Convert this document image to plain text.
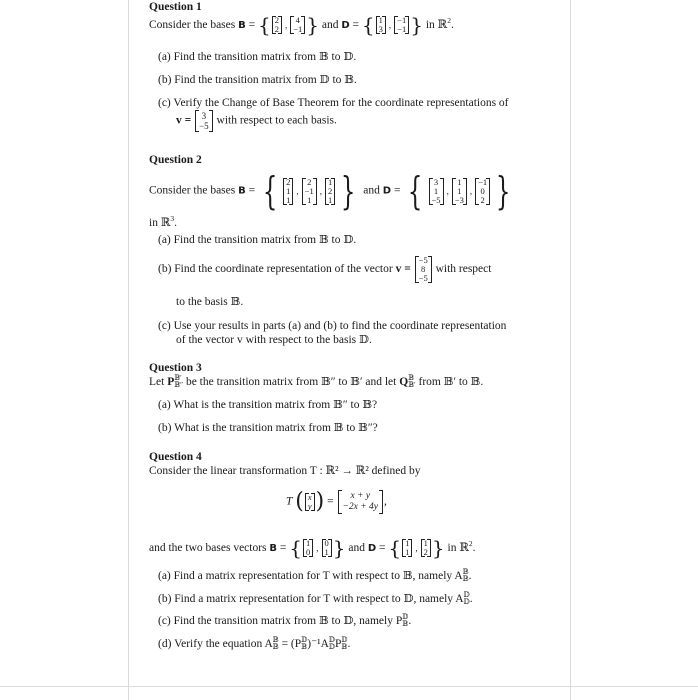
Question 1
Consider the bases B = { 2
2 , 4
−1 } and D = { 1
3 , −1
−1 } in ℝ$^2$.
(a) Find the transition matrix from 𝔹 to 𝔻.
(b) Find the transition matrix from 𝔻 to 𝔹.
(c) Verify the Change of Base Theorem for the coordinate representations of
v = 3
−5 with respect to each basis.
Question 2
Consider the bases B = { 2
1
1
,
2
−1
1
,
1
2
1 } and D = { 3
1
−5
,
1
1
−3
,
−1
0
2 }
in ℝ$^3$.
(a) Find the transition matrix from 𝔹 to 𝔻.
(b) Find the coordinate representation of the vector v =
−5
8
−5
with respect
to the basis 𝔹.
(c) Use your results in parts (a) and (b) to find the coordinate representation
of the vector v with respect to the basis 𝔻.
Question 3
Let P 𝔹′
𝔹″ be the transition matrix from 𝔹″ to 𝔹′ and let Q 𝔹
𝔹′ from 𝔹′ to 𝔹.
(a) What is the transition matrix from 𝔹″ to 𝔹?
(b) What is the transition matrix from 𝔹 to 𝔹″?
Question 4
Consider the linear transformation T : ℝ² → ℝ² defined by
T ( x
y ) = x + y
−2x + 4y ,
and the two bases vectors B = { 1
0 , 0
1 } and D = { 1
1 , 1
2 } in ℝ$^2$.
(a) Find a matrix representation for T with respect to 𝔹, namely A 𝔹
𝔹 .
(b) Find a matrix representation for T with respect to 𝔻, namely A 𝔻
𝔻 .
(c) Find the transition matrix from 𝔹 to 𝔻, namely P 𝔻
𝔹 .
(d) Verify the equation A 𝔹
𝔹 = (P 𝔻
𝔹 )⁻¹A 𝔻
𝔻 P 𝔻
𝔹 .
